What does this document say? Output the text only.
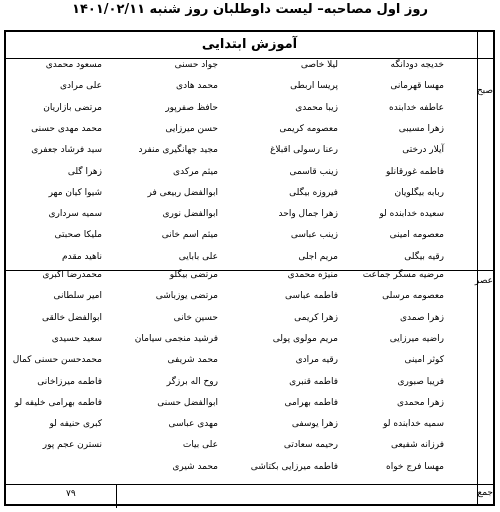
روز اول مصاحبه– لیست داوطلبان روز شنبه ۱۴۰۱/۰۲/۱۱
آموزش ابتدایی
صبح
عصر
جمع
۷۹
خدیجه دودانگه
لیلا خاصی
جواد حسنی
مسعود محمدی
مهسا قهرمانی
پریسا اربطی
محمد هادی
علی مرادی
عاطفه خدابنده
زیبا محمدی
حافظ صفرپور
مرتضی بازاریان
زهرا مسیبی
معصومه کریمی
حسن میرزایی
محمد مهدی حسنی
آیلار درختی
رعنا رسولی اقبلاغ
مجید جهانگیری منفرد
سید فرشاد جعفری
فاطمه غورقانلو
زینب قاسمی
میثم مرکدی
زهرا گلی
ربابه بیگلویان
فیروزه بیگلی
ابوالفضل ربیعی فر
شیوا کیان مهر
سعیده خدابنده لو
زهرا جمال واحد
ابوالفضل نوری
سمیه سرداری
معصومه امینی
زینب عباسی
میثم اسم خانی
ملیکا صحبتی
رقیه بیگلی
مریم اجلی
علی بابایی
ناهید مقدم
مرضیه مسگر جماعت
منیژه محمدی
مرتضی بیگلو
محمدرضا اکبری
معصومه مرسلی
فاطمه عباسی
مرتضی یوزباشی
امیر سلطانی
زهرا صمدی
زهرا کریمی
حسین خانی
ابوالفضل خالقی
راضیه میرزایی
مریم مولوی پولی
فرشید منجمی سیامان
سعید حسیدی
کوثر امینی
رقیه مرادی
محمد شریفی
محمدحسن حسنی کمال
فریبا صبوری
فاطمه قنبری
روح اله برزگر
فاطمه میرزاخانی
زهرا محمدی
فاطمه بهرامی
ابوالفضل حسنی
فاطمه بهرامی خلیفه لو
سمیه خدابنده لو
زهرا یوسفی
مهدی عباسی
کبری حنیفه لو
فرزانه شفیعی
رحیمه سعادتی
علی بیات
نسترن عجم پور
مهسا فرج خواه
فاطمه میرزایی بکتاشی
محمد شیری
